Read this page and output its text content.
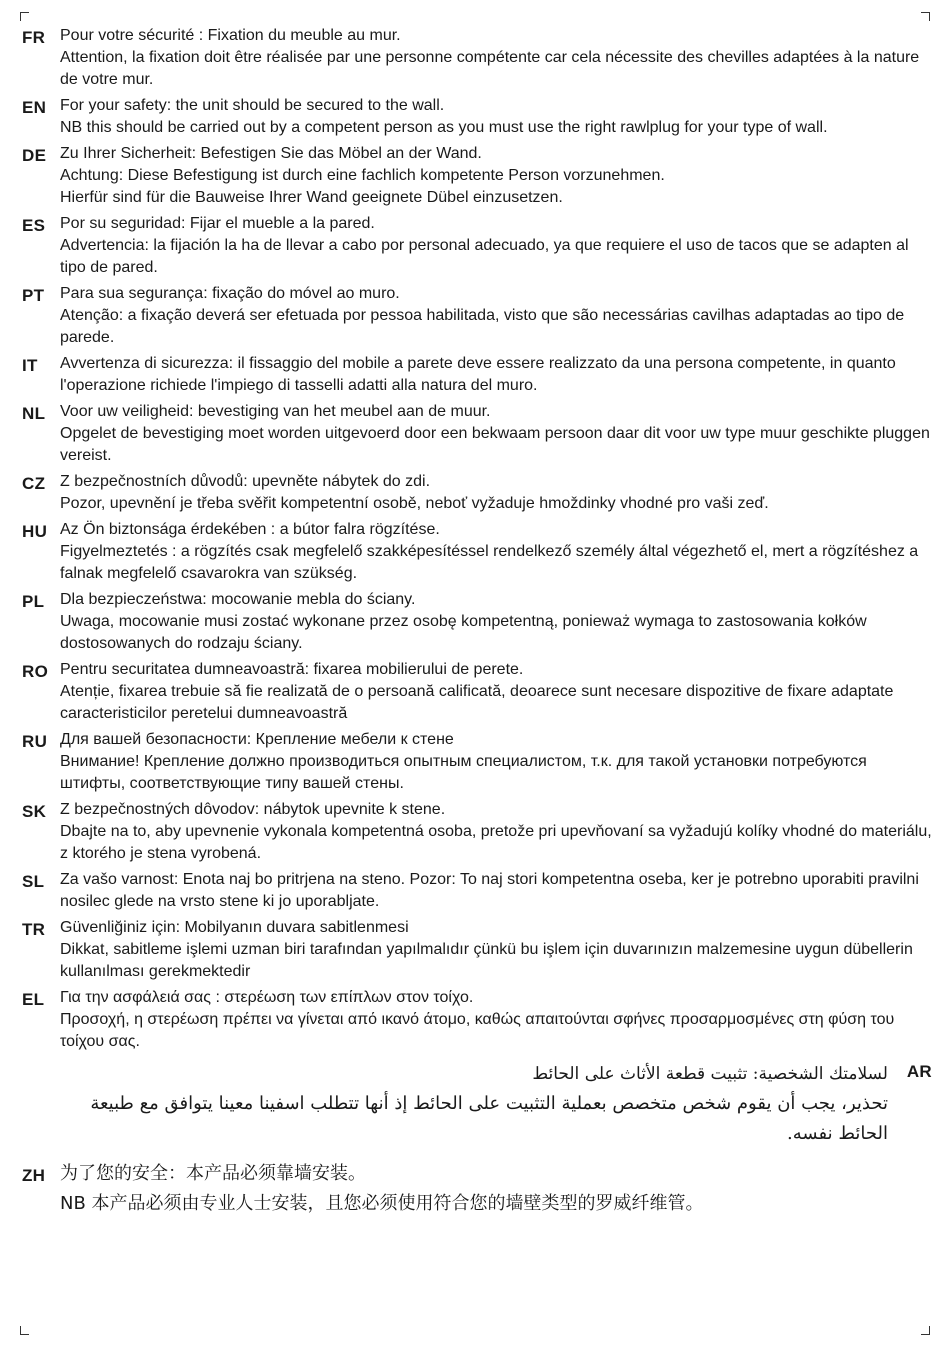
FR Pour votre sécurité : Fixation du meuble au mur.
Attention, la fixation doit être réalisée par une personne compétente car cela nécessite des chevilles adaptées à la nature de votre mur.
EN For your safety: the unit should be secured to the wall.
NB this should be carried out by a competent person as you must use the right rawlplug for your type of wall.
DE Zu Ihrer Sicherheit: Befestigen Sie das Möbel an der Wand.
Achtung: Diese Befestigung ist durch eine fachlich kompetente Person vorzunehmen.
Hierfür sind für die Bauweise Ihrer Wand geeignete Dübel einzusetzen.
ES Por su seguridad: Fijar el mueble a la pared.
Advertencia: la fijación la ha de llevar a cabo por personal adecuado, ya que requiere el uso de tacos que se adapten al tipo de pared.
PT Para sua segurança: fixação do móvel ao muro.
Atenção: a fixação deverá ser efetuada por pessoa habilitada, visto que são necessárias cavilhas adaptadas ao tipo de parede.
IT	Avvertenza di sicurezza: il fissaggio del mobile a parete deve essere realizzato da una persona competente, in quanto l'operazione richiede l'impiego di tasselli adatti alla natura del muro.
NL Voor uw veiligheid: bevestiging van het meubel aan de muur.
Opgelet de bevestiging moet worden uitgevoerd door een bekwaam persoon daar dit voor uw type muur geschikte pluggen vereist.
CZ Z bezpečnostních důvodů: upevněte nábytek do zdi.
Pozor, upevnění je třeba svěřit kompetentní osobě, neboť vyžaduje hmoždinky vhodné pro vaši zeď.
HU Az Ön biztonsága érdekében : a bútor falra rögzítése.
Figyelmeztetés : a rögzítés csak megfelelő szakképesítéssel rendelkező személy által végezhető el, mert a rögzítéshez a falnak megfelelő csavarokra van szükség.
PL Dla bezpieczeństwa: mocowanie mebla do ściany.
Uwaga, mocowanie musi zostać wykonane przez osobę kompetentną, ponieważ wymaga to zastosowania kołków dostosowanych do rodzaju ściany.
RO Pentru securitatea dumneavoastră: fixarea mobilierului de perete.
Atenție, fixarea trebuie să fie realizată de o persoană calificată, deoarece sunt necesare dispozitive de fixare adaptate caracteristicilor peretelui dumneavoastră
RU Для вашей безопасности: Крепление мебели к стене
Внимание! Крепление должно производиться опытным специалистом, т.к. для такой установки потребуются штифты, соответствующие типу вашей стены.
SK Z bezpečnostných dôvodov: nábytok upevnite k stene.
Dbajte na to, aby upevnenie vykonala kompetentná osoba, pretože pri upevňovaní sa vyžadujú kolíky vhodné do materiálu, z ktorého je stena vyrobená.
SL Za vašo varnost: Enota naj bo pritrjena na steno. Pozor: To naj stori kompetentna oseba, ker je potrebno uporabiti pravilni nosilec glede na vrsto stene ki jo uporabljate.
TR Güvenliğiniz için: Mobilyanın duvara sabitlenmesi
Dikkat, sabitleme işlemi uzman biri tarafından yapılmalıdır çünkü bu işlem için duvarınızın malzemesine uygun dübellerin kullanılması gerekmektedir
EL Για την ασφάλειά σας : στερέωση των επίπλων στον τοίχο.
Προσοχή, η στερέωση πρέπει να γίνεται από ικανό άτομο, καθώς απαιτούνται σφήνες προσαρμοσμένες στη φύση του τοίχου σας.
AR
لسلامتك الشخصية: تثبيت قطعة الأثاث على الحائط
تحذير، يجب أن يقوم شخص متخصص بعملية التثبيت على الحائط إذ أنها تتطلب اسفينا معينا يتوافق مع طبيعة الحائط نفسه.
ZH 为了您的安全：本产品必须靠墙安装。
NB 本产品必须由专业人士安装，且您必须使用符合您的墙壁类型的罗威纤维管。
